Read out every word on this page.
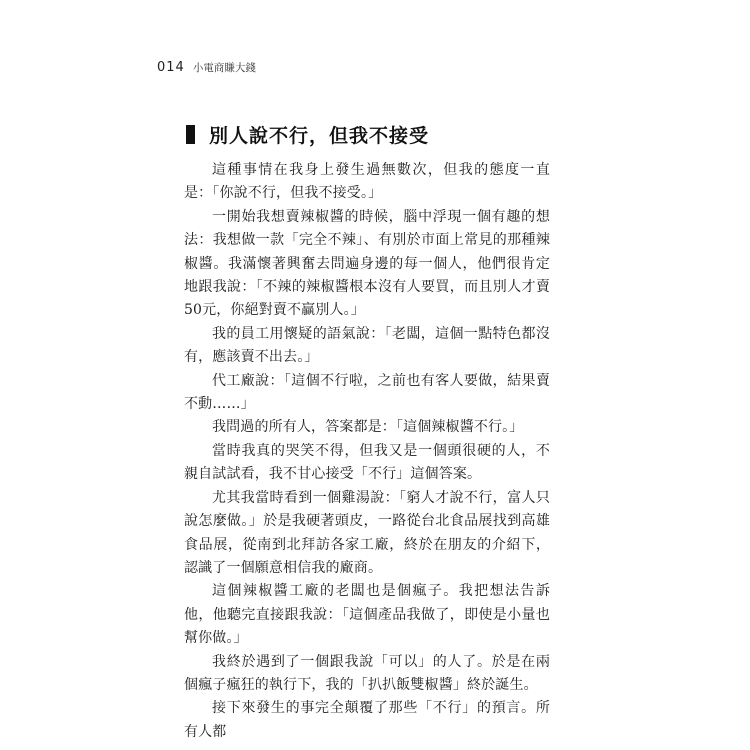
014 小電商賺大錢
別人說不行，但我不接受

這種事情在我身上發生過無數次，但我的態度一直是：「你說不行，但我不接受。」

一開始我想賣辣椒醬的時候，腦中浮現一個有趣的想法：我想做一款「完全不辣」、有別於市面上常見的那種辣椒醬。我滿懷著興奮去問遍身邊的每一個人，他們很肯定地跟我說：「不辣的辣椒醬根本沒有人要買，而且別人才賣50元，你絕對賣不贏別人。」

我的員工用懷疑的語氣說：「老闆，這個一點特色都沒有，應該賣不出去。」

代工廠說：「這個不行啦，之前也有客人要做，結果賣不動……」

我問過的所有人，答案都是：「這個辣椒醬不行。」

當時我真的哭笑不得，但我又是一個頭很硬的人，不親自試試看，我不甘心接受「不行」這個答案。

尤其我當時看到一個雞湯說：「窮人才說不行，富人只說怎麼做。」於是我硬著頭皮，一路從台北食品展找到高雄食品展，從南到北拜訪各家工廠，終於在朋友的介紹下，認識了一個願意相信我的廠商。

這個辣椒醬工廠的老闆也是個瘋子。我把想法告訴他，他聽完直接跟我說：「這個產品我做了，即使是小量也幫你做。」

我終於遇到了一個跟我說「可以」的人了。於是在兩個瘋子瘋狂的執行下，我的「扒扒飯雙椒醬」終於誕生。

接下來發生的事完全顛覆了那些「不行」的預言。所有人都
